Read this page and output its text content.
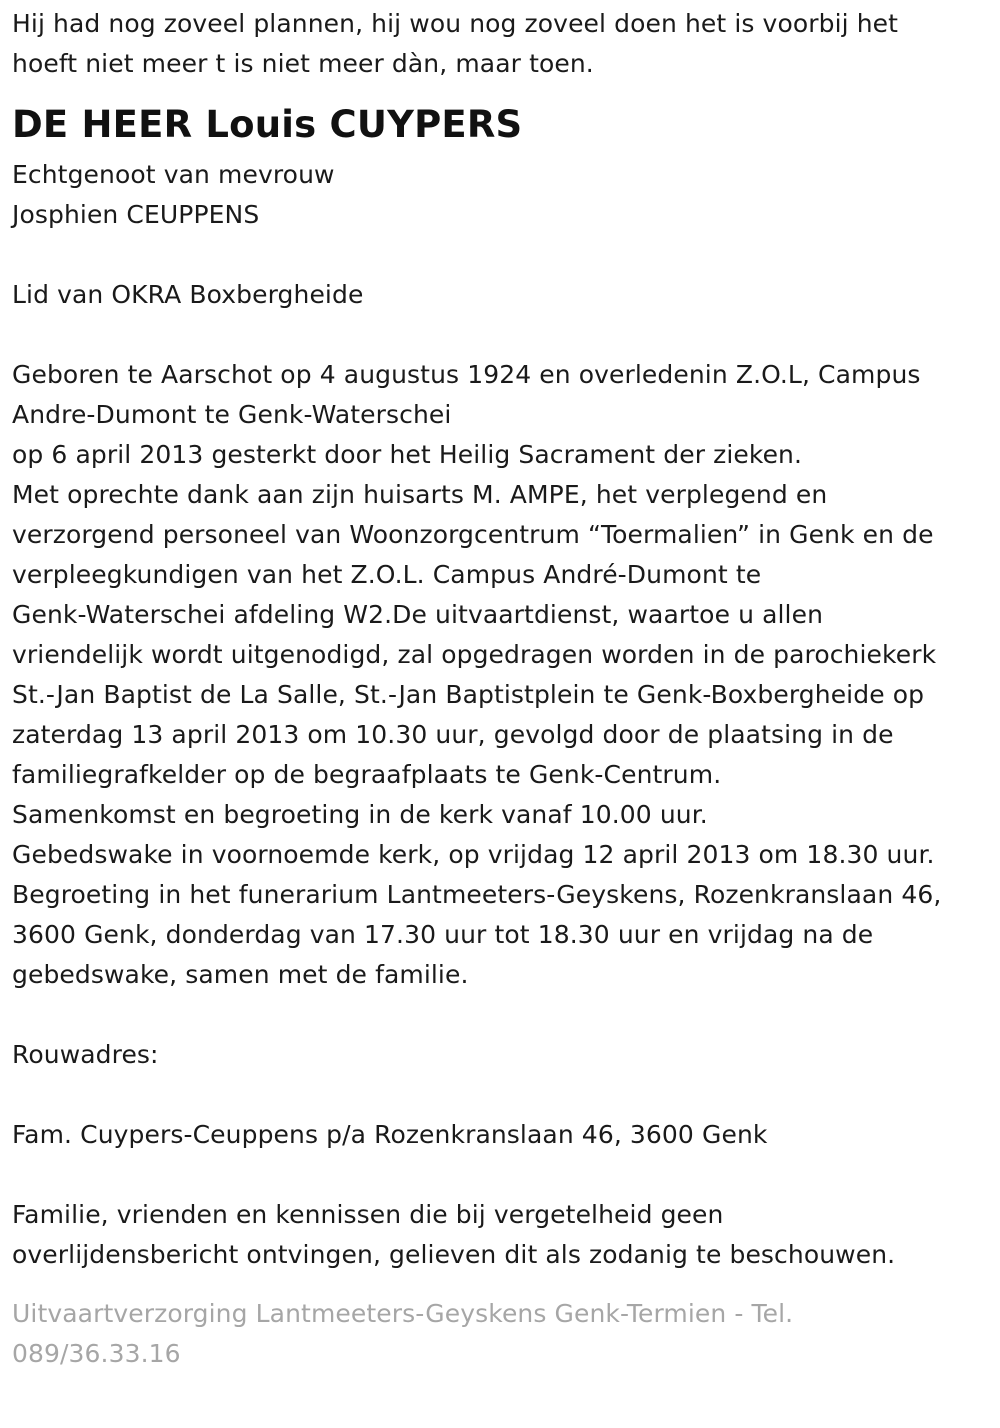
Hij had nog zoveel plannen, hij wou nog zoveel doen het is voorbij het
hoeft niet meer t is niet meer dàn, maar toen.
DE HEER Louis CUYPERS
Echtgenoot van mevrouw
Josphien CEUPPENS
Lid van OKRA Boxbergheide
Geboren te Aarschot op 4 augustus 1924 en overledenin Z.O.L, Campus
Andre-Dumont te Genk-Waterschei
op 6 april 2013 gesterkt door het Heilig Sacrament der zieken.
Met oprechte dank aan zijn huisarts M. AMPE, het verplegend en
verzorgend personeel van Woonzorgcentrum “Toermalien” in Genk en de
verpleegkundigen van het Z.O.L. Campus André-Dumont te
Genk-Waterschei afdeling W2.De uitvaartdienst, waartoe u allen
vriendelijk wordt uitgenodigd, zal opgedragen worden in de parochiekerk
St.-Jan Baptist de La Salle, St.-Jan Baptistplein te Genk-Boxbergheide op
zaterdag 13 april 2013 om 10.30 uur, gevolgd door de plaatsing in de
familiegrafkelder op de begraafplaats te Genk-Centrum.
Samenkomst en begroeting in de kerk vanaf 10.00 uur.
Gebedswake in voornoemde kerk, op vrijdag 12 april 2013 om 18.30 uur.
Begroeting in het funerarium Lantmeeters-Geyskens, Rozenkranslaan 46,
3600 Genk, donderdag van 17.30 uur tot 18.30 uur en vrijdag na de
gebedswake, samen met de familie.
Rouwadres:
Fam. Cuypers-Ceuppens p/a Rozenkranslaan 46, 3600 Genk
Familie, vrienden en kennissen die bij vergetelheid geen
overlijdensbericht ontvingen, gelieven dit als zodanig te beschouwen.
Uitvaartverzorging Lantmeeters-Geyskens Genk-Termien - Tel.
089/36.33.16
